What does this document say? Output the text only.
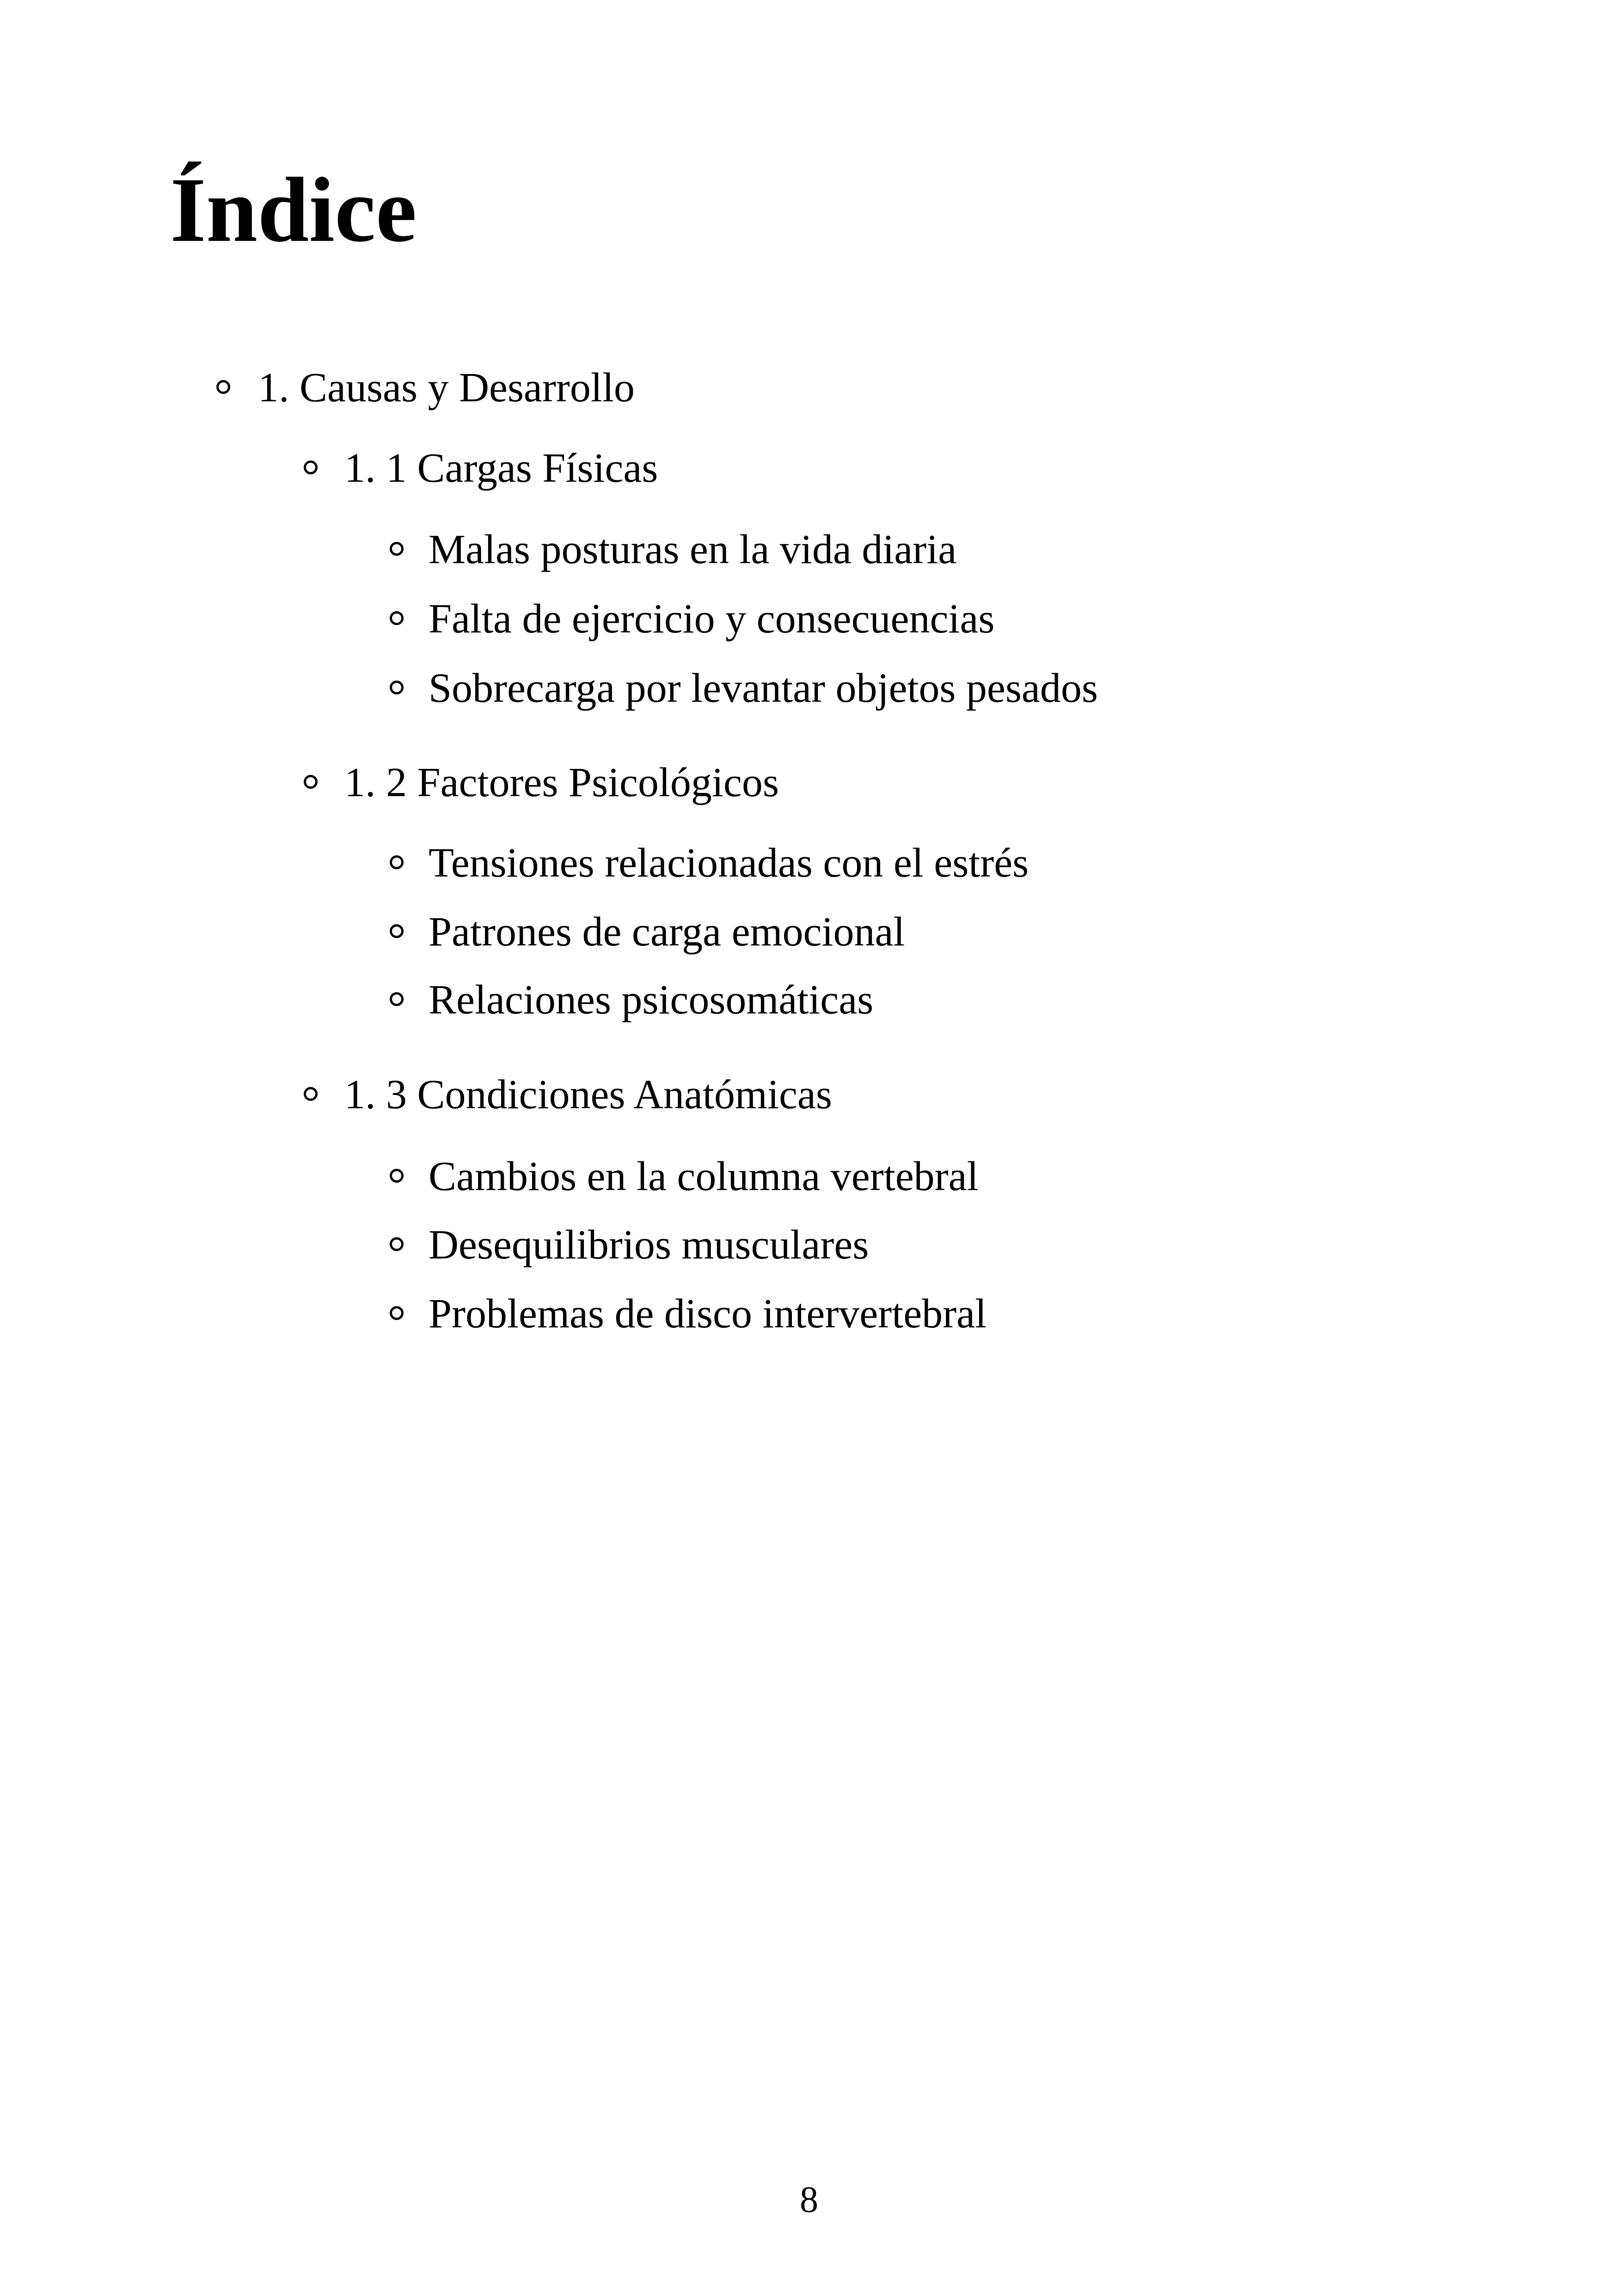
Índice
1. Causas y Desarrollo
1. 1 Cargas Físicas
Malas posturas en la vida diaria
Falta de ejercicio y consecuencias
Sobrecarga por levantar objetos pesados
1. 2 Factores Psicológicos
Tensiones relacionadas con el estrés
Patrones de carga emocional
Relaciones psicosomáticas
1. 3 Condiciones Anatómicas
Cambios en la columna vertebral
Desequilibrios musculares
Problemas de disco intervertebral
8
